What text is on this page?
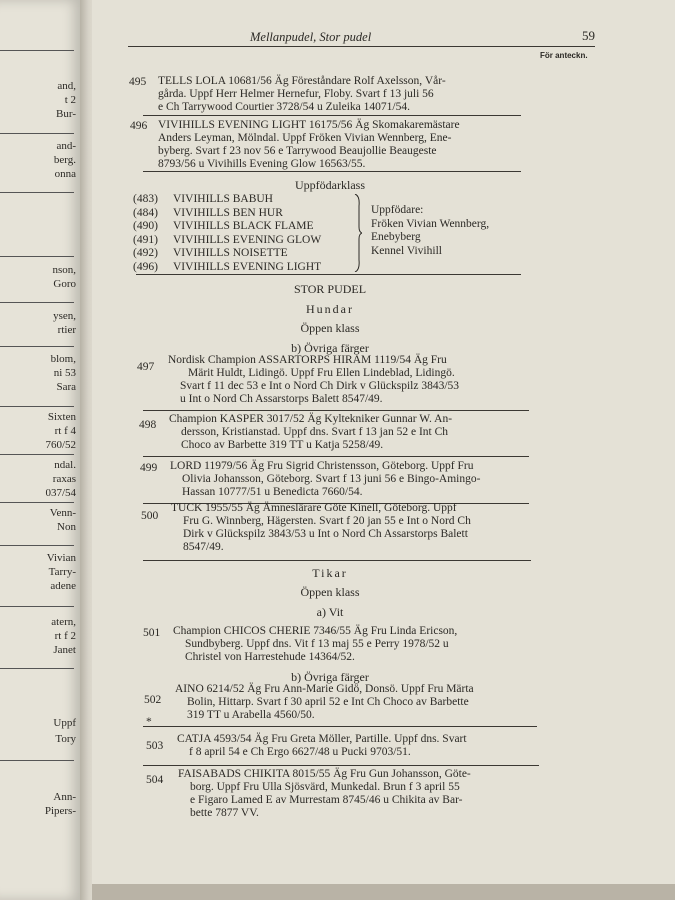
and,
t 2
Bur-
and-
berg.
onna
nson,
Goro
ysen,
rtier
blom,
ni 53
Sara
Sixten
rt f 4
760/52
ndal.
raxas
037/54
Venn-
Non
Vivian
Tarry-
adene
atern,
rt f 2
Janet
Uppf
Tory
Ann-
Pipers-
Mellanpudel, Stor pudel	59
För anteckn.
495 TELLS LOLA 10681/56 Äg Föreståndare Rolf Axelsson, Vår-
gårda. Uppf Herr Helmer Hernefur, Floby. Svart f 13 juli 56
e Ch Tarrywood Courtier 3728/54 u Zuleika 14071/54.
496 VIVIHILLS EVENING LIGHT 16175/56 Äg Skomakaremästare
Anders Leyman, Mölndal. Uppf Fröken Vivian Wennberg, Ene-
byberg. Svart f 23 nov 56 e Tarrywood Beaujollie Beaugeste
8793/56 u Vivihills Evening Glow 16563/55.
Uppfödarklass
(483)	VIVIHILLS BABUH
(484)	VIVIHILLS BEN HUR
(490)	VIVIHILLS BLACK FLAME
(491)	VIVIHILLS EVENING GLOW
(492)	VIVIHILLS NOISETTE
(496)	VIVIHILLS EVENING LIGHT
Uppfödare:
Fröken Vivian Wennberg,
Enebyberg
Kennel Vivihill
STOR PUDEL
Hundar
Öppen klass
b) Övriga färger
497
Nordisk Champion ASSARTORPS HIRAM 1119/54 Äg Fru
Märit Huldt, Lidingö. Uppf Fru Ellen Lindeblad, Lidingö.
Svart f 11 dec 53 e Int o Nord Ch Dirk v Glückspilz 3843/53
u Int o Nord Ch Assarstorps Balett 8547/49.
498 Champion KASPER 3017/52 Äg Kyltekniker Gunnar W. An-
dersson, Kristianstad. Uppf dns. Svart f 13 jan 52 e Int Ch
Choco av Barbette 319 TT u Katja 5258/49.
499 LORD 11979/56 Äg Fru Sigrid Christensson, Göteborg. Uppf Fru
Olivia Johansson, Göteborg. Svart f 13 juni 56 e Bingo-Amingo-
Hassan 10777/51 u Benedicta 7660/54.
500
TUCK 1955/55 Äg Ämneslärare Göte Kinell, Göteborg. Uppf
Fru G. Winnberg, Hägersten. Svart f 20 jan 55 e Int o Nord Ch
Dirk v Glückspilz 3843/53 u Int o Nord Ch Assarstorps Balett
8547/49.
Tikar
Öppen klass
a) Vit
501 Champion CHICOS CHERIE 7346/55 Äg Fru Linda Ericson,
Sundbyberg. Uppf dns. Vit f 13 maj 55 e Perry 1978/52 u
Christel von Harrestehude 14364/52.
b) Övriga färger
502
*
AINO 6214/52 Äg Fru Ann-Marie Gidö, Donsö. Uppf Fru Märta
Bolin, Hittarp. Svart f 30 april 52 e Int Ch Choco av Barbette
319 TT u Arabella 4560/50.
503
CATJA 4593/54 Äg Fru Greta Möller, Partille. Uppf dns. Svart
f 8 april 54 e Ch Ergo 6627/48 u Pucki 9703/51.
504 FAISABADS CHIKITA 8015/55 Äg Fru Gun Johansson, Göte-
borg. Uppf Fru Ulla Sjösvärd, Munkedal. Brun f 3 april 55
e Figaro Lamed E av Murrestam 8745/46 u Chikita av Bar-
bette 7877 VV.
